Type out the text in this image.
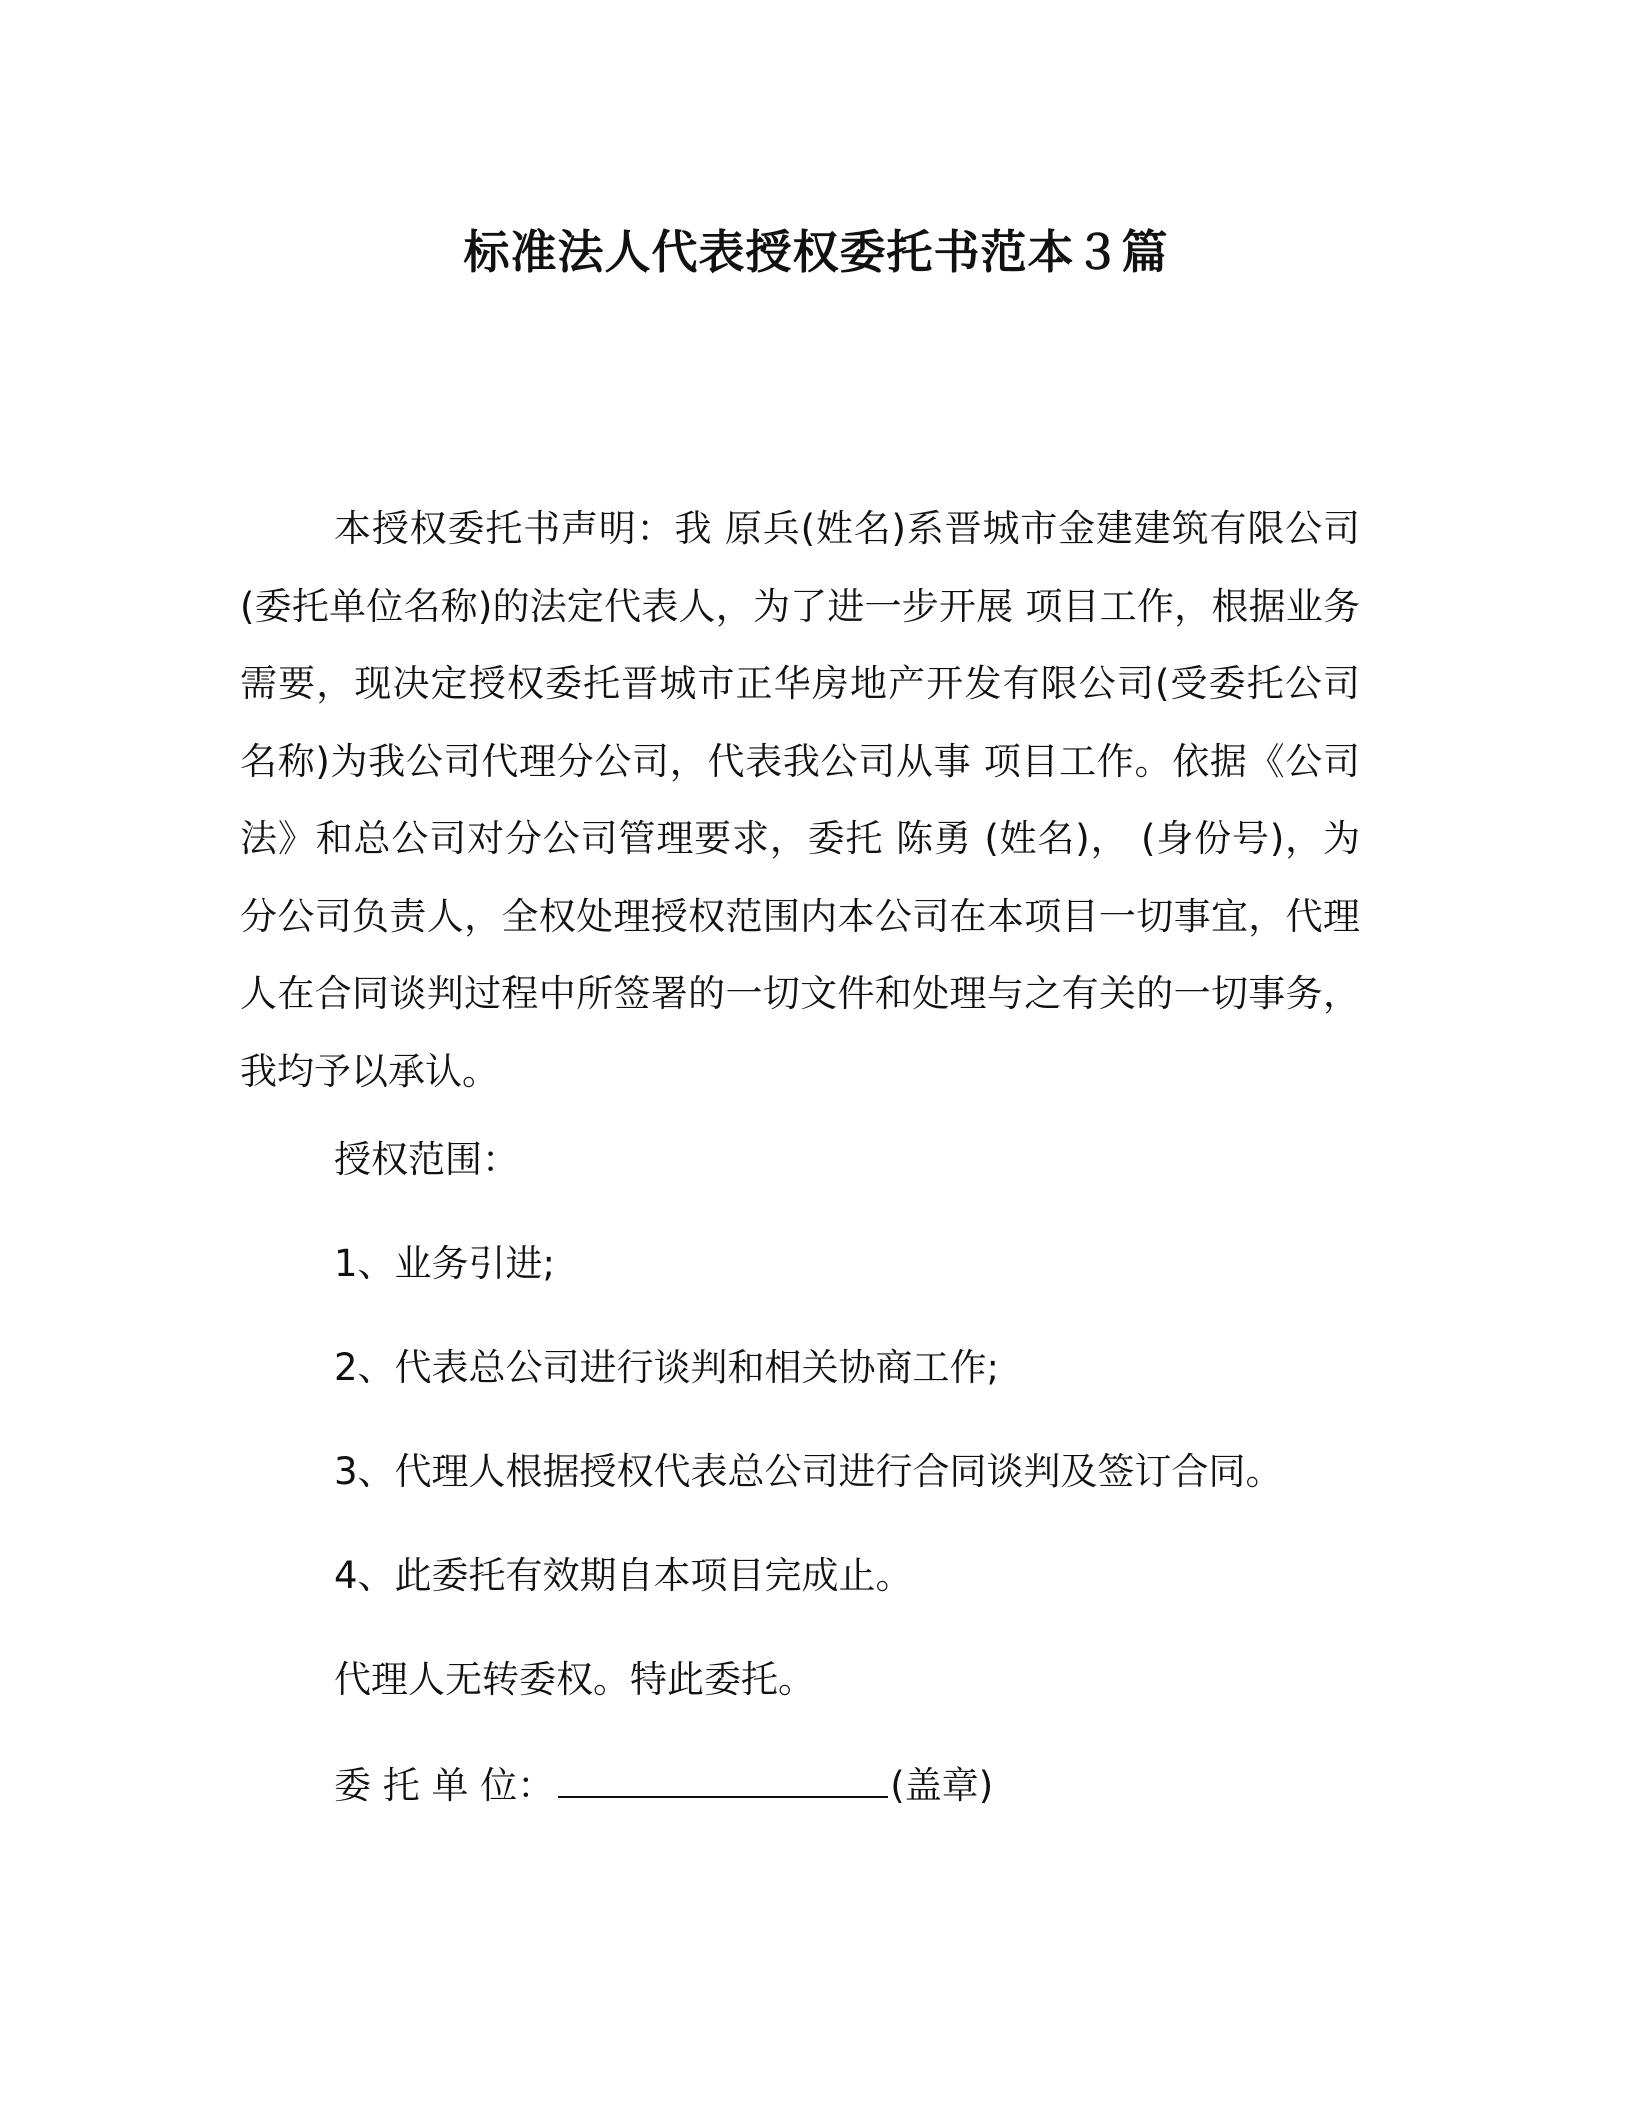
标准法人代表授权委托书范本３篇

本授权委托书声明：我 原兵(姓名)系晋城市金建建筑有限公司(委托单位名称)的法定代表人，为了进一步开展 项目工作，根据业务需要，现决定授权委托晋城市正华房地产开发有限公司(受委托公司名称)为我公司代理分公司，代表我公司从事 项目工作。依据《公司法》和总公司对分公司管理要求，委托 陈勇 (姓名)， (身份号)，为分公司负责人，全权处理授权范围内本公司在本项目一切事宜，代理人在合同谈判过程中所签署的一切文件和处理与之有关的一切事务，我均予以承认。

授权范围：

1、业务引进;

2、代表总公司进行谈判和相关协商工作;

3、代理人根据授权代表总公司进行合同谈判及签订合同。

4、此委托有效期自本项目完成止。

代理人无转委权。特此委托。

委 托 单 位：	(盖章)
